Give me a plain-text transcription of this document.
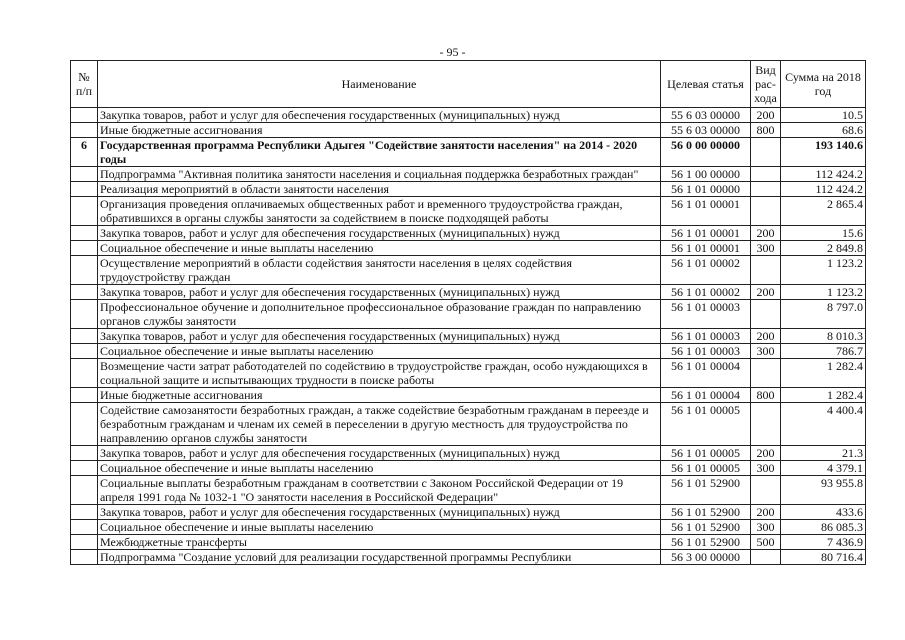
- 95 -
№ п/п	Наименование	Целевая статья	Вид рас-хода	Сумма на 2018 год
	Закупка товаров, работ и услуг для обеспечения государственных (муниципальных) нужд	55 6 03 00000	200	10.5
	Иные бюджетные ассигнования	55 6 03 00000	800	68.6
6	Государственная программа Республики Адыгея "Содействие занятости населения" на 2014 - 2020 годы	56 0 00 00000		193 140.6
	Подпрограмма "Активная политика занятости населения и социальная поддержка безработных граждан"	56 1 00 00000		112 424.2
	Реализация мероприятий в области занятости населения	56 1 01 00000		112 424.2
	Организация проведения оплачиваемых общественных работ и временного трудоустройства граждан, обратившихся в органы службы занятости за содействием в поиске подходящей работы	56 1 01 00001		2 865.4
	Закупка товаров, работ и услуг для обеспечения государственных (муниципальных) нужд	56 1 01 00001	200	15.6
	Социальное обеспечение и иные выплаты населению	56 1 01 00001	300	2 849.8
	Осуществление мероприятий в области содействия занятости населения в целях содействия трудоустройству граждан	56 1 01 00002		1 123.2
	Закупка товаров, работ и услуг для обеспечения государственных (муниципальных) нужд	56 1 01 00002	200	1 123.2
	Профессиональное обучение и дополнительное профессиональное образование граждан по направлению органов службы занятости	56 1 01 00003		8 797.0
	Закупка товаров, работ и услуг для обеспечения государственных (муниципальных) нужд	56 1 01 00003	200	8 010.3
	Социальное обеспечение и иные выплаты населению	56 1 01 00003	300	786.7
	Возмещение части затрат работодателей по содействию в трудоустройстве граждан, особо нуждающихся в социальной защите и испытывающих трудности в поиске работы	56 1 01 00004		1 282.4
	Иные бюджетные ассигнования	56 1 01 00004	800	1 282.4
	Содействие самозанятости безработных граждан, а также содействие безработным гражданам в переезде и безработным гражданам и членам их семей в переселении в другую местность для трудоустройства по направлению органов службы занятости	56 1 01 00005		4 400.4
	Закупка товаров, работ и услуг для обеспечения государственных (муниципальных) нужд	56 1 01 00005	200	21.3
	Социальное обеспечение и иные выплаты населению	56 1 01 00005	300	4 379.1
	Социальные выплаты безработным гражданам в соответствии с Законом Российской Федерации от 19 апреля 1991 года № 1032-1 "О занятости населения в Российской Федерации"	56 1 01 52900		93 955.8
	Закупка товаров, работ и услуг для обеспечения государственных (муниципальных) нужд	56 1 01 52900	200	433.6
	Социальное обеспечение и иные выплаты населению	56 1 01 52900	300	86 085.3
	Межбюджетные трансферты	56 1 01 52900	500	7 436.9
	Подпрограмма "Создание условий для реализации государственной программы Республики	56 3 00 00000		80 716.4
